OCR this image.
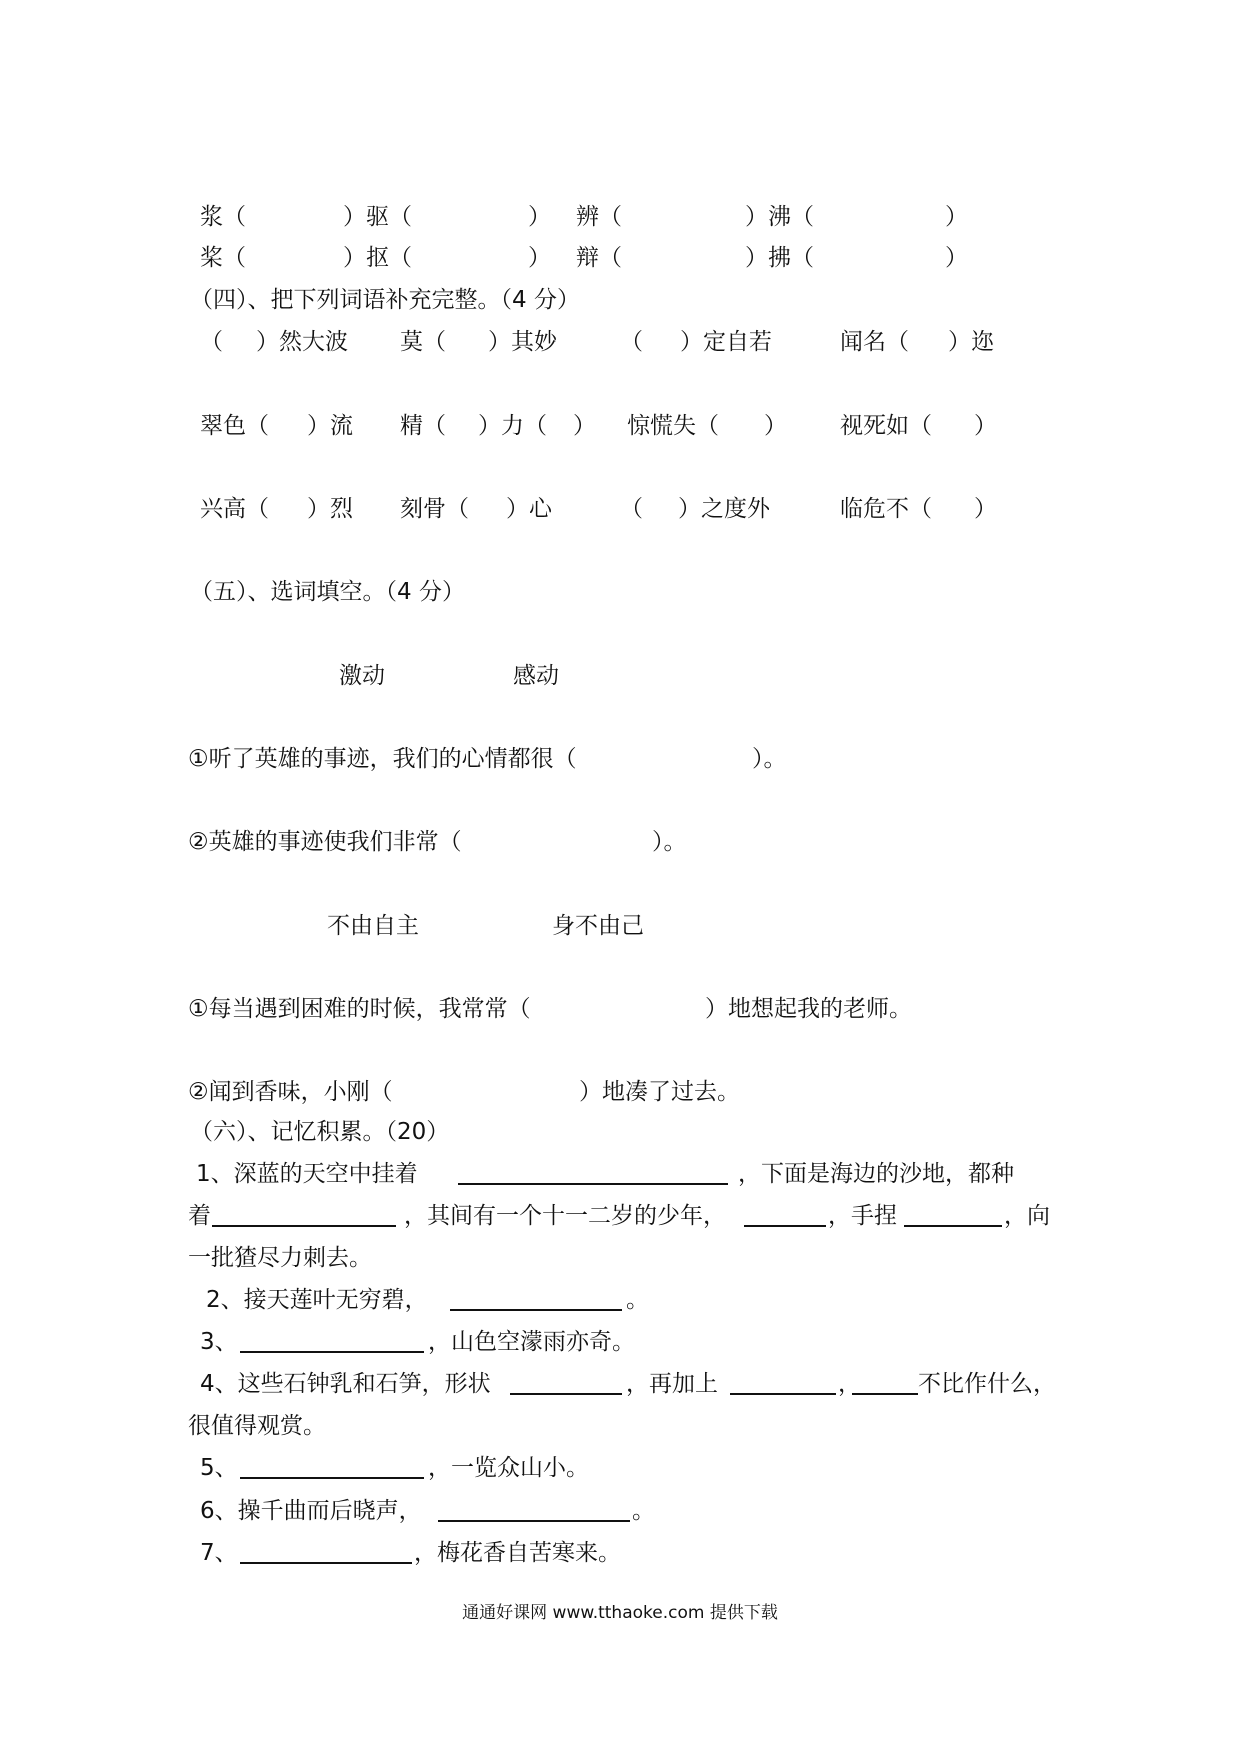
浆（	）驱（	） 辨（	）沸（	）
桨（	）抠（	） 辩（	）拂（	）
（四）、把下列词语补充完整。（4 分）
（ ）然大波 莫（ ）其妙	（ ）定自若	闻名（ ）迩
翠色（ ）流 精（ ）力（ ） 惊慌失（ ） 视死如（ ）
兴高（ ）烈 刻骨（ ）心	（ ）之度外	临危不（ ）
（五）、选词填空。（4 分）
激动	感动
①听了英雄的事迹，我们的心情都很（	）。
②英雄的事迹使我们非常（	）。
不由自主	身不由己
①每当遇到困难的时候，我常常（	）地想起我的老师。
②闻到香味，小刚（	）地凑了过去。
（六）、记忆积累。（20）
1、深蓝的天空中挂着	，下面是海边的沙地，都种
着	，其间有一个十一二岁的少年，	，手捏	，向
一批猹尽力刺去。
2、接天莲叶无穷碧，	。
3、	，山色空濛雨亦奇。
4、这些石钟乳和石笋，形状	，再加上	， 不比作什么，
很值得观赏。
5、	，一览众山小。
6、操千曲而后晓声，	。
7、	，梅花香自苦寒来。
通通好课网 www.tthaoke.com 提供下载
